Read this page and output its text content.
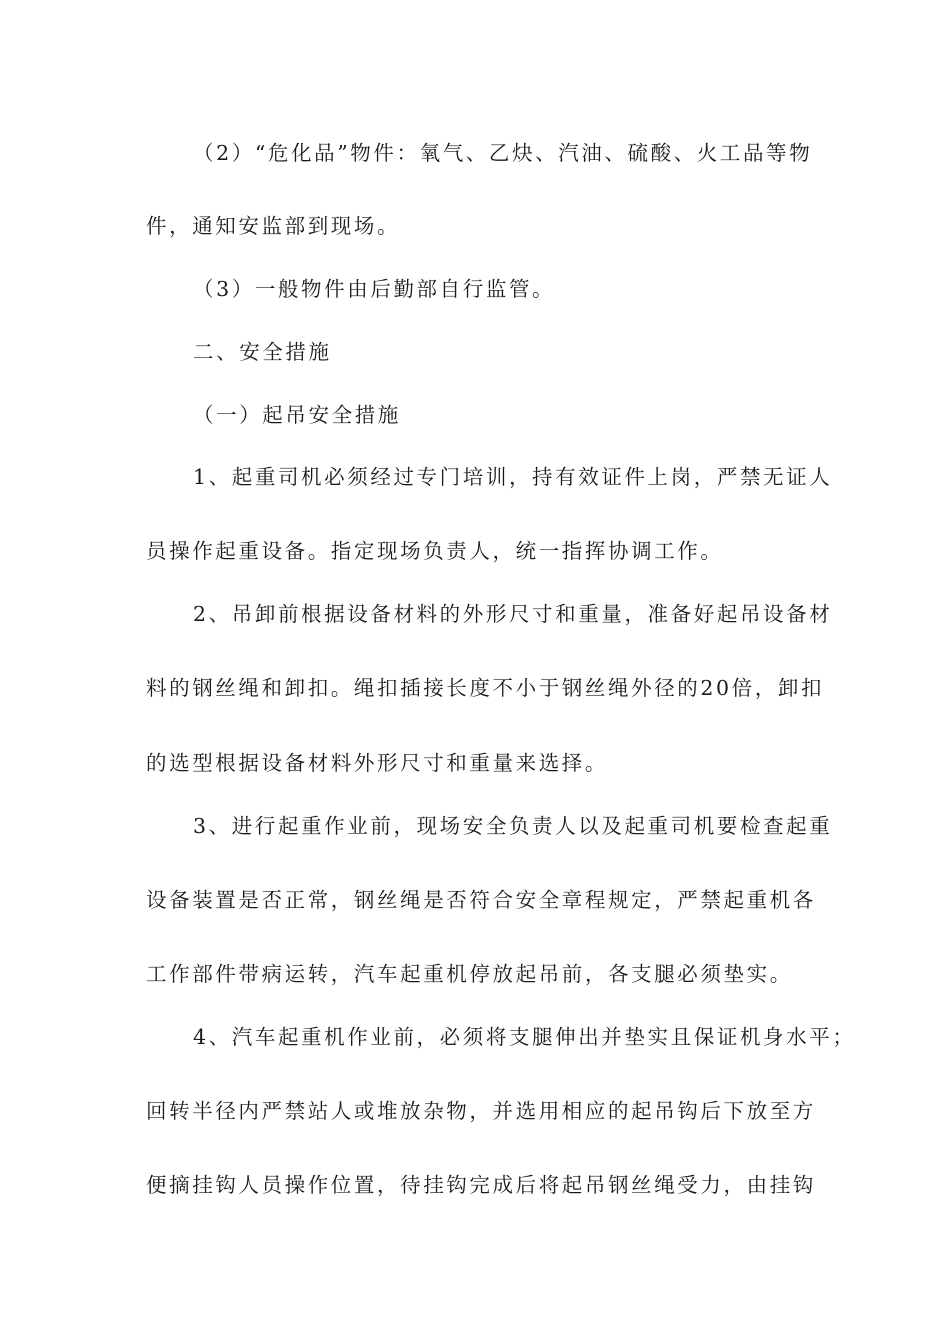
（2）“危化品”物件：氧气、乙炔、汽油、硫酸、火工品等物
件，通知安监部到现场。
（3）一般物件由后勤部自行监管。
二、安全措施
（一）起吊安全措施
1、起重司机必须经过专门培训，持有效证件上岗，严禁无证人
员操作起重设备。指定现场负责人，统一指挥协调工作。
2、吊卸前根据设备材料的外形尺寸和重量，准备好起吊设备材
料的钢丝绳和卸扣。绳扣插接长度不小于钢丝绳外径的20倍，卸扣
的选型根据设备材料外形尺寸和重量来选择。
3、进行起重作业前，现场安全负责人以及起重司机要检查起重
设备装置是否正常，钢丝绳是否符合安全章程规定，严禁起重机各
工作部件带病运转，汽车起重机停放起吊前，各支腿必须垫实。
4、汽车起重机作业前，必须将支腿伸出并垫实且保证机身水平；
回转半径内严禁站人或堆放杂物，并选用相应的起吊钩后下放至方
便摘挂钩人员操作位置，待挂钩完成后将起吊钢丝绳受力，由挂钩
